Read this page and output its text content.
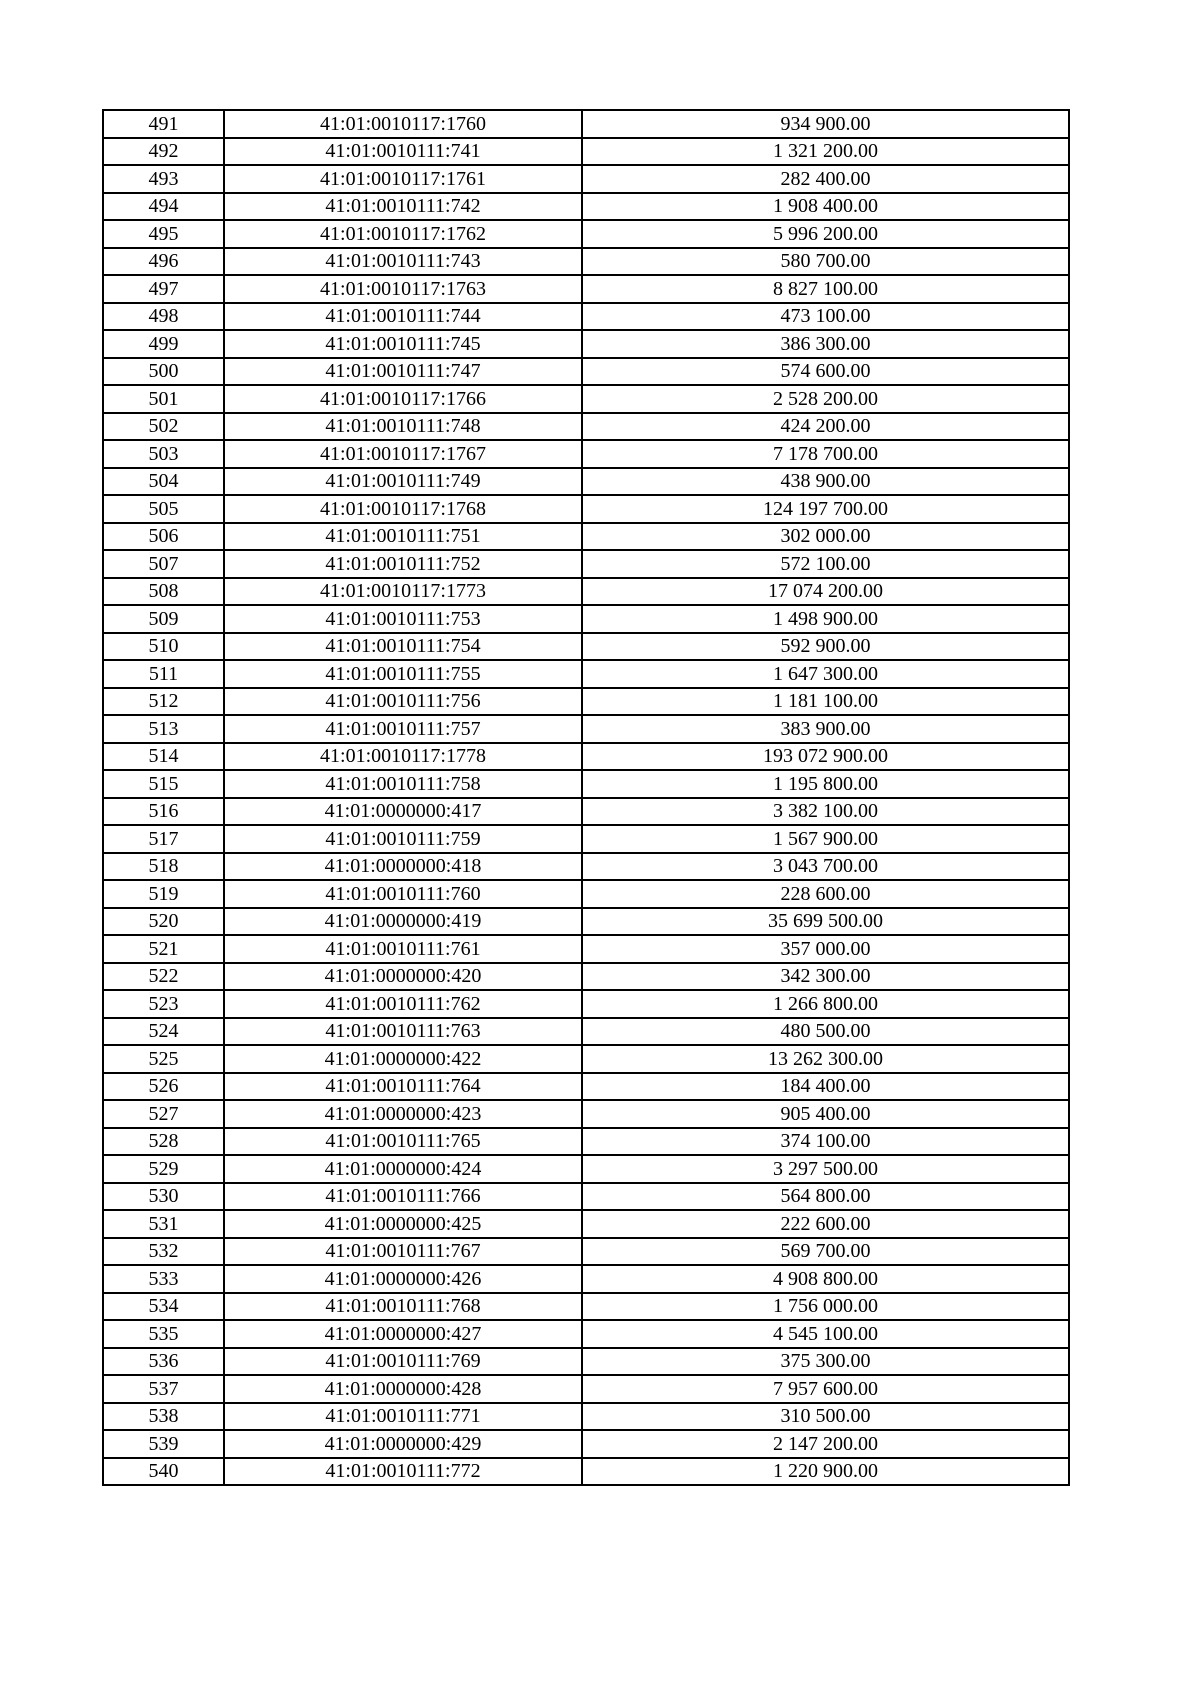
491	41:01:0010117:1760	934 900.00
492	41:01:0010111:741	1 321 200.00
493	41:01:0010117:1761	282 400.00
494	41:01:0010111:742	1 908 400.00
495	41:01:0010117:1762	5 996 200.00
496	41:01:0010111:743	580 700.00
497	41:01:0010117:1763	8 827 100.00
498	41:01:0010111:744	473 100.00
499	41:01:0010111:745	386 300.00
500	41:01:0010111:747	574 600.00
501	41:01:0010117:1766	2 528 200.00
502	41:01:0010111:748	424 200.00
503	41:01:0010117:1767	7 178 700.00
504	41:01:0010111:749	438 900.00
505	41:01:0010117:1768	124 197 700.00
506	41:01:0010111:751	302 000.00
507	41:01:0010111:752	572 100.00
508	41:01:0010117:1773	17 074 200.00
509	41:01:0010111:753	1 498 900.00
510	41:01:0010111:754	592 900.00
511	41:01:0010111:755	1 647 300.00
512	41:01:0010111:756	1 181 100.00
513	41:01:0010111:757	383 900.00
514	41:01:0010117:1778	193 072 900.00
515	41:01:0010111:758	1 195 800.00
516	41:01:0000000:417	3 382 100.00
517	41:01:0010111:759	1 567 900.00
518	41:01:0000000:418	3 043 700.00
519	41:01:0010111:760	228 600.00
520	41:01:0000000:419	35 699 500.00
521	41:01:0010111:761	357 000.00
522	41:01:0000000:420	342 300.00
523	41:01:0010111:762	1 266 800.00
524	41:01:0010111:763	480 500.00
525	41:01:0000000:422	13 262 300.00
526	41:01:0010111:764	184 400.00
527	41:01:0000000:423	905 400.00
528	41:01:0010111:765	374 100.00
529	41:01:0000000:424	3 297 500.00
530	41:01:0010111:766	564 800.00
531	41:01:0000000:425	222 600.00
532	41:01:0010111:767	569 700.00
533	41:01:0000000:426	4 908 800.00
534	41:01:0010111:768	1 756 000.00
535	41:01:0000000:427	4 545 100.00
536	41:01:0010111:769	375 300.00
537	41:01:0000000:428	7 957 600.00
538	41:01:0010111:771	310 500.00
539	41:01:0000000:429	2 147 200.00
540	41:01:0010111:772	1 220 900.00
